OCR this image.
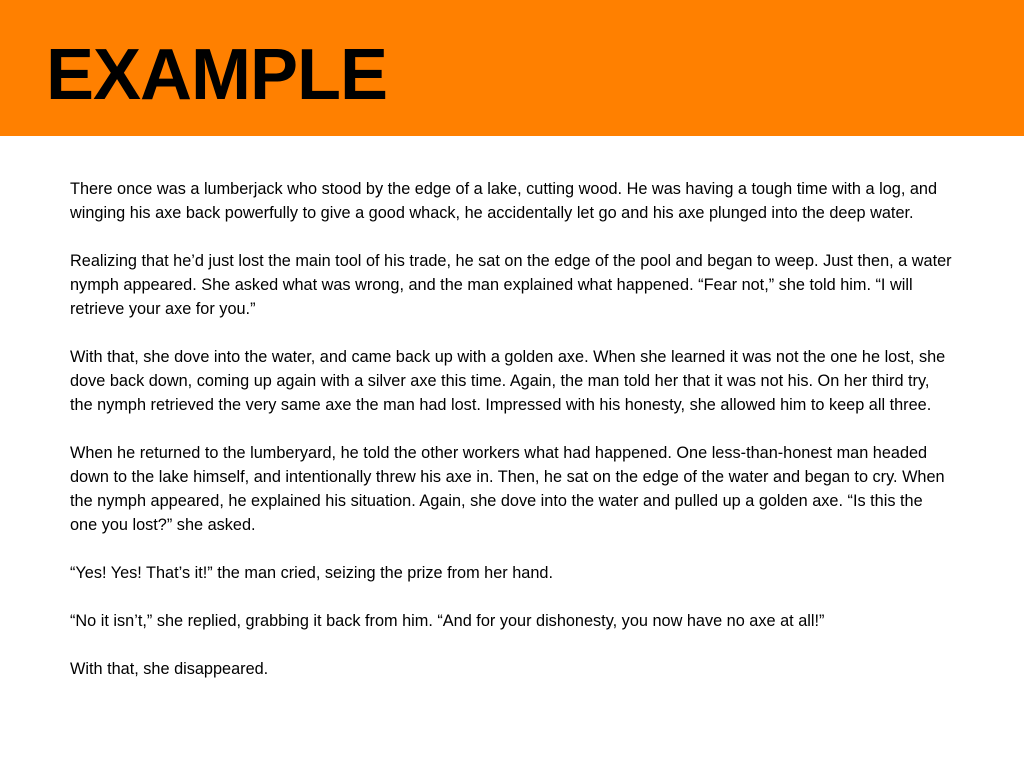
EXAMPLE

There once was a lumberjack who stood by the edge of a lake, cutting wood. He was having a tough time with a log, and winging his axe back powerfully to give a good whack, he accidentally let go and his axe plunged into the deep water.

Realizing that he’d just lost the main tool of his trade, he sat on the edge of the pool and began to weep. Just then, a water nymph appeared. She asked what was wrong, and the man explained what happened. “Fear not,” she told him. “I will retrieve your axe for you.”

With that, she dove into the water, and came back up with a golden axe. When she learned it was not the one he lost, she dove back down, coming up again with a silver axe this time. Again, the man told her that it was not his. On her third try, the nymph retrieved the very same axe the man had lost. Impressed with his honesty, she allowed him to keep all three.

When he returned to the lumberyard, he told the other workers what had happened. One less-than-honest man headed down to the lake himself, and intentionally threw his axe in. Then, he sat on the edge of the water and began to cry. When the nymph appeared, he explained his situation. Again, she dove into the water and pulled up a golden axe. “Is this the one you lost?” she asked.

“Yes! Yes! That’s it!” the man cried, seizing the prize from her hand.

“No it isn’t,” she replied, grabbing it back from him. “And for your dishonesty, you now have no axe at all!”

With that, she disappeared.
